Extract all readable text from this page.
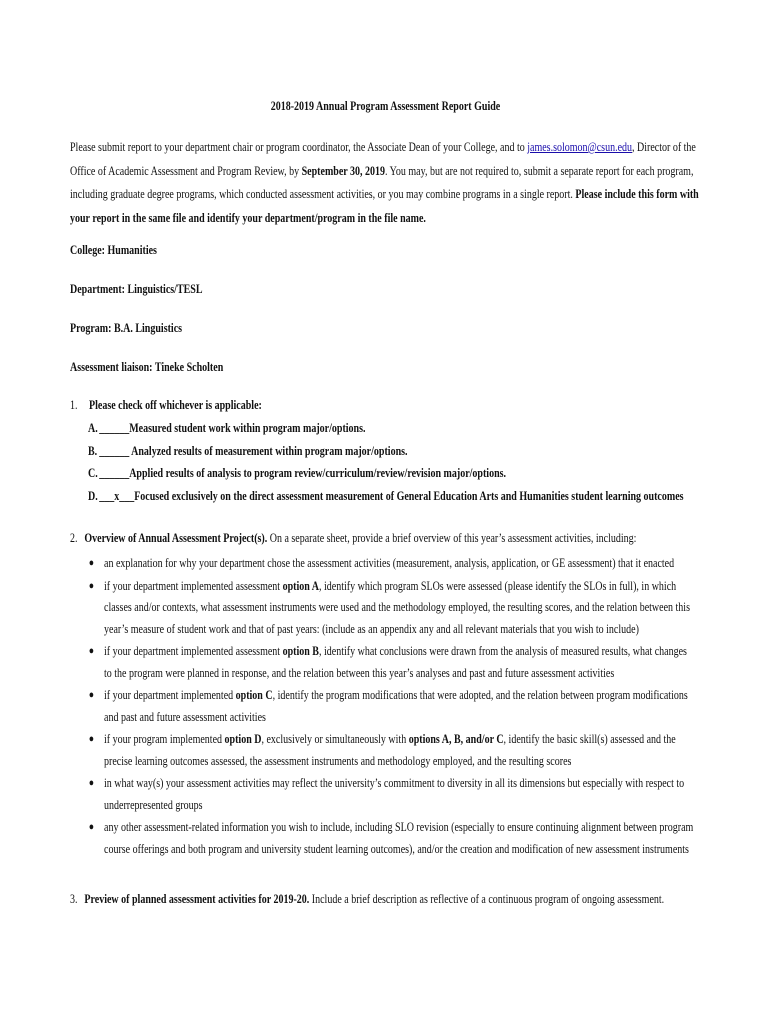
2018-2019 Annual Program Assessment Report Guide
Please submit report to your department chair or program coordinator, the Associate Dean of your College, and to james.solomon@csun.edu, Director of the Office of Academic Assessment and Program Review, by September 30, 2019. You may, but are not required to, submit a separate report for each program, including graduate degree programs, which conducted assessment activities, or you may combine programs in a single report. Please include this form with your report in the same file and identify your department/program in the file name.
College: Humanities
Department: Linguistics/TESL
Program: B.A. Linguistics
Assessment liaison: Tineke Scholten
1. Please check off whichever is applicable:
A.______Measured student work within program major/options.
B. ______ Analyzed results of measurement within program major/options.
C.______Applied results of analysis to program review/curriculum/review/revision major/options.
D.___x___Focused exclusively on the direct assessment measurement of General Education Arts and Humanities student learning outcomes
2. Overview of Annual Assessment Project(s). On a separate sheet, provide a brief overview of this year’s assessment activities, including:
● an explanation for why your department chose the assessment activities (measurement, analysis, application, or GE assessment) that it enacted
● if your department implemented assessment option A, identify which program SLOs were assessed (please identify the SLOs in full), in which classes and/or contexts, what assessment instruments were used and the methodology employed, the resulting scores, and the relation between this year’s measure of student work and that of past years: (include as an appendix any and all relevant materials that you wish to include)
● if your department implemented assessment option B, identify what conclusions were drawn from the analysis of measured results, what changes to the program were planned in response, and the relation between this year’s analyses and past and future assessment activities
● if your department implemented option C, identify the program modifications that were adopted, and the relation between program modifications and past and future assessment activities
● if your program implemented option D, exclusively or simultaneously with options A, B, and/or C, identify the basic skill(s) assessed and the precise learning outcomes assessed, the assessment instruments and methodology employed, and the resulting scores
● in what way(s) your assessment activities may reflect the university’s commitment to diversity in all its dimensions but especially with respect to underrepresented groups
● any other assessment-related information you wish to include, including SLO revision (especially to ensure continuing alignment between program course offerings and both program and university student learning outcomes), and/or the creation and modification of new assessment instruments
3. Preview of planned assessment activities for 2019-20. Include a brief description as reflective of a continuous program of ongoing assessment.
